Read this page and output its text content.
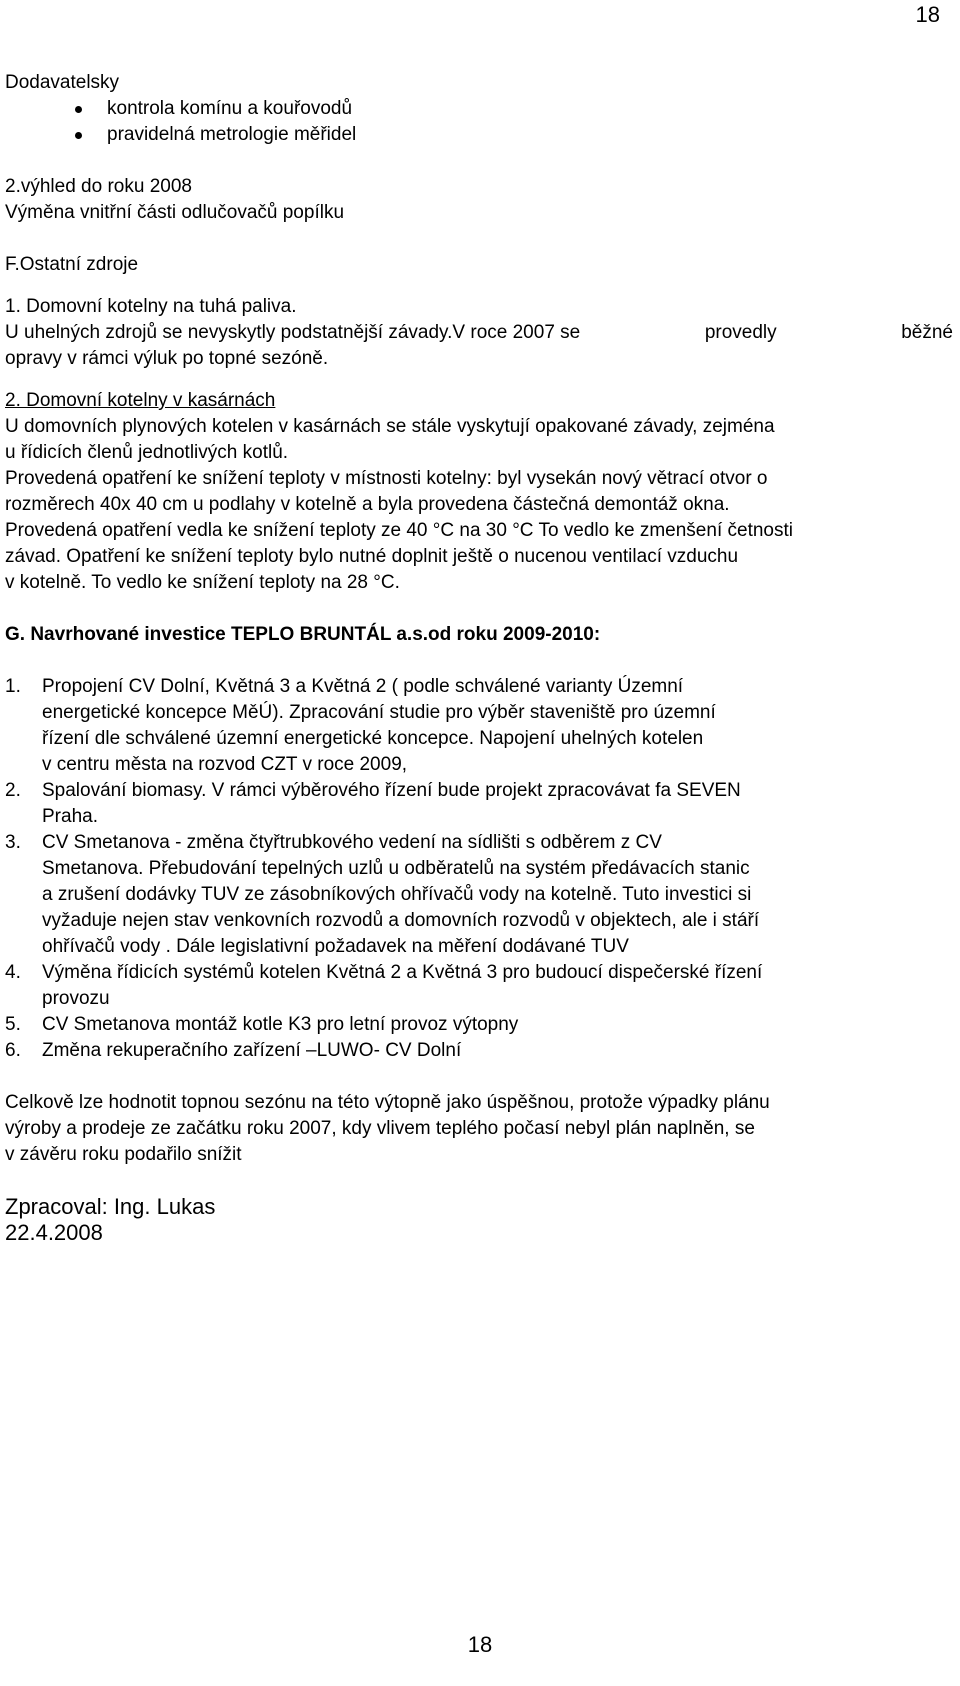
18
Dodavatelsky
kontrola komínu a kouřovodů
pravidelná metrologie měřidel
2.výhled do roku 2008
Výměna vnitřní části odlučovačů popílku
F.Ostatní zdroje
1. Domovní kotelny na tuhá paliva.
U uhelných zdrojů se nevyskytly podstatnější závady.V roce 2007 se	provedly	běžné
opravy v rámci výluk po topné sezóně.
2. Domovní kotelny v kasárnách
U domovních plynových kotelen v kasárnách se stále vyskytují opakované závady, zejména
u řídicích členů jednotlivých kotlů.
Provedená opatření ke snížení teploty v místnosti kotelny: byl vysekán nový větrací otvor o
rozměrech 40x 40 cm u podlahy v kotelně a byla provedena částečná demontáž okna.
Provedená opatření vedla ke snížení teploty ze 40 °C na 30 °C To vedlo ke zmenšení četnosti
závad. Opatření ke snížení teploty bylo nutné doplnit ještě o nucenou ventilací vzduchu
v kotelně. To vedlo ke snížení teploty na 28 °C.
G. Navrhované investice TEPLO BRUNTÁL a.s.od roku 2009-2010:
1. Propojení CV Dolní, Květná 3 a Květná 2 ( podle schválené varianty Územní
energetické koncepce MěÚ). Zpracování studie pro výběr staveniště pro územní
řízení dle schválené územní energetické koncepce. Napojení uhelných kotelen
v centru města na rozvod CZT v roce 2009,
2. Spalování biomasy. V rámci výběrového řízení bude projekt zpracovávat fa SEVEN
Praha.
3. CV Smetanova - změna čtyřtrubkového vedení na sídlišti s odběrem z CV
Smetanova. Přebudování tepelných uzlů u odběratelů na systém předávacích stanic
a zrušení dodávky TUV ze zásobníkových ohřívačů vody na kotelně. Tuto investici si
vyžaduje nejen stav venkovních rozvodů a domovních rozvodů v objektech, ale i stáří
ohřívačů vody . Dále legislativní požadavek na měření dodávané TUV
4. Výměna řídicích systémů kotelen Květná 2 a Květná 3 pro budoucí dispečerské řízení
provozu
5. CV Smetanova montáž kotle K3 pro letní provoz výtopny
6. Změna rekuperačního zařízení –LUWO- CV Dolní
Celkově lze hodnotit topnou sezónu na této výtopně jako úspěšnou, protože výpadky plánu
výroby a prodeje ze začátku roku 2007, kdy vlivem teplého počasí nebyl plán naplněn, se
v závěru roku podařilo snížit
Zpracoval: Ing. Lukas
22.4.2008
18
